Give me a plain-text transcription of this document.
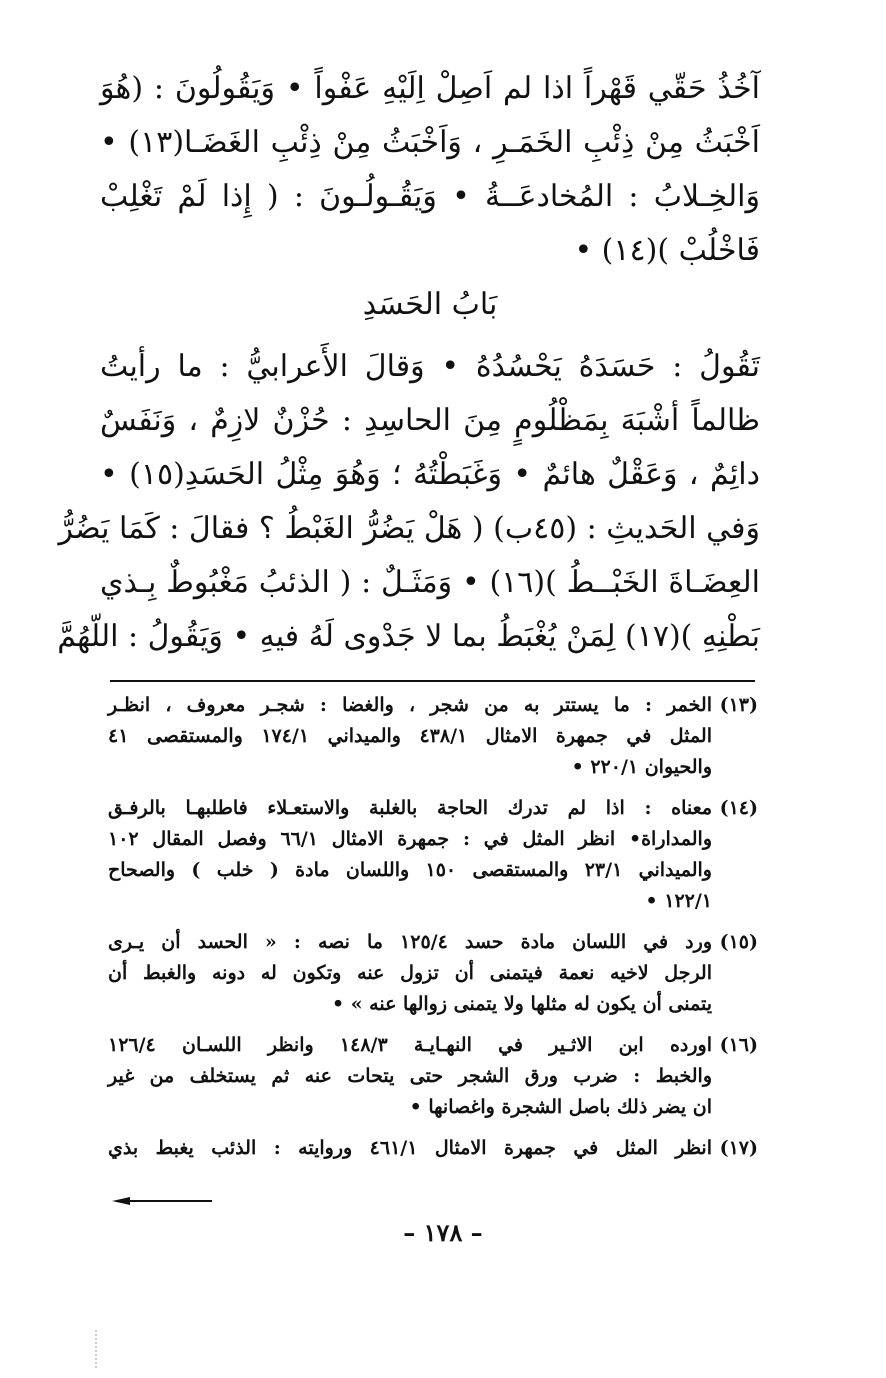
آخُذُ حَقّي قَهْراً اذا لم اَصِلْ اِلَيْهِ عَفْواً • وَيَقُولُونَ : (هُوَ
اَخْبَثُ مِنْ ذِئْبِ الخَمَـرِ ، وَاَخْبَثُ مِنْ ذِئْبِ الغَضَـا(١٣) •
وَالخِـلابُ : المُخادعَــةُ • وَيَقُـولُـونَ : ( إِذا لَمْ تَغْلِبْ
فَاخْلُبْ )(١٤) •
بَابُ الحَسَدِ
تَقُولُ : حَسَدَهُ يَحْسُدُهُ • وَقالَ الأَعرابيُّ : ما رأيتُ
ظالماً أشْبَهَ بِمَظْلُومٍ مِنَ الحاسِدِ : حُزْنٌ لازِمٌ ، وَنَفَسٌ
دائِمٌ ، وَعَقْلٌ هائمٌ • وَغَبَطْتُهُ ؛ وَهُوَ مِثْلُ الحَسَدِ(١٥) •
وَفي الحَديثِ : (٤٥ب) ( هَلْ يَضُرُّ الغَبْطُ ؟ فقالَ : كَمَا يَضُرُّ
العِضَـاةَ الخَبْــطُ )(١٦) • وَمَثَـلٌ : ( الذئبُ مَغْبُوطٌ بِـذي
بَطْنِهِ )(١٧) لِمَنْ يُغْبَطُ بما لا جَدْوى لَهُ فيهِ • وَيَقُولُ : اللّهُمَّ
(١٣)
الخمر : ما يستتر به من شجر ، والغضا : شجـر معروف ، انظـر
المثل في جمهرة الامثال ٤٣٨/١ والميداني ١٧٤/١ والمستقصى ٤١
والحيوان ٢٢٠/١ •
(١٤)
معناه : اذا لم تدرك الحاجة بالغلبة والاستعـلاء فاطلبهـا بالرفـق
والمداراة• انظر المثل في : جمهرة الامثال ٦٦/١ وفصل المقال ١٠٢
والميداني ٢٣/١ والمستقصى ١٥٠ واللسان مادة ( خلب ) والصحاح
١٢٢/١ •
(١٥)
ورد في اللسان مادة حسد ١٢٥/٤ ما نصه : « الحسد أن يـرى
الرجل لاخيه نعمة فيتمنى أن تزول عنه وتكون له دونه والغبط أن
يتمنى أن يكون له مثلها ولا يتمنى زوالها عنه » •
(١٦)
اورده ابن الاثـير في النهـايـة ١٤٨/٣ وانظر اللسـان ١٢٦/٤
والخبط : ضرب ورق الشجر حتى يتحات عنه ثم يستخلف من غير
ان يضر ذلك باصل الشجرة واغصانها •
(١٧)
انظر المثل في جمهرة الامثال ٤٦١/١ وروايته : الذئب يغبط بذي
– ١٧٨ –
